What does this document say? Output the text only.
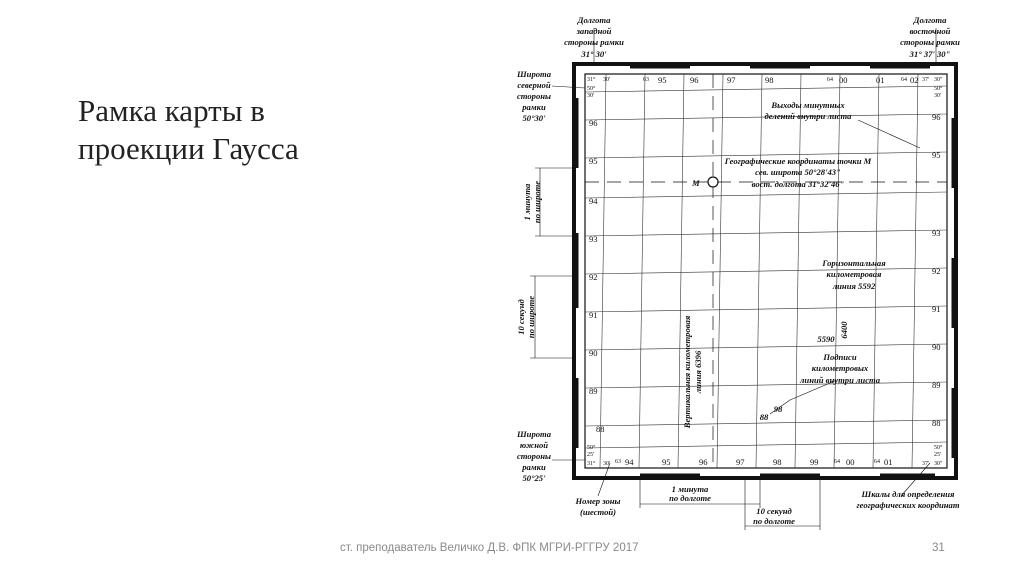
Рамка карты в
проекции Гаусса
M
Долгота
западной
стороны рамки
31° 30'
Долгота
восточной
стороны рамки
31° 37' 30"
Широта
северной
стороны
рамки
50°30'
Широта
южной
стороны
рамки
50°25'
1 минута по широте
10 секунд по широте
Выходы минутных
делений внутри листа
Географические координаты точки M
сев. широта 50°28'43"
вост. долгота 31°32'46"
Горизонтальная
километровая
линия 5592
Вертикальная километровая линия 6396
5590
6400
Подписи
километровых
линий внутри листа
98
88
Номер зоны
(шестой)
1 минута
по долготе
10 секунд
по долготе
Шкалы для определения
географических координат
31° 30'
50°
30'
37' 30"
50°
30'
50°
25'
31° 30'
50°
25'
37' 30"
63 95	96	97	98	64 00	01	64 02
63 94	95	96	97	98	99	64 00	64 01
96
95
94
93
92
91
90
89
88
96
95
93
92
91
90
89
88
ст. преподаватель Величко Д.В. ФПК МГРИ-РГГРУ 2017	31
